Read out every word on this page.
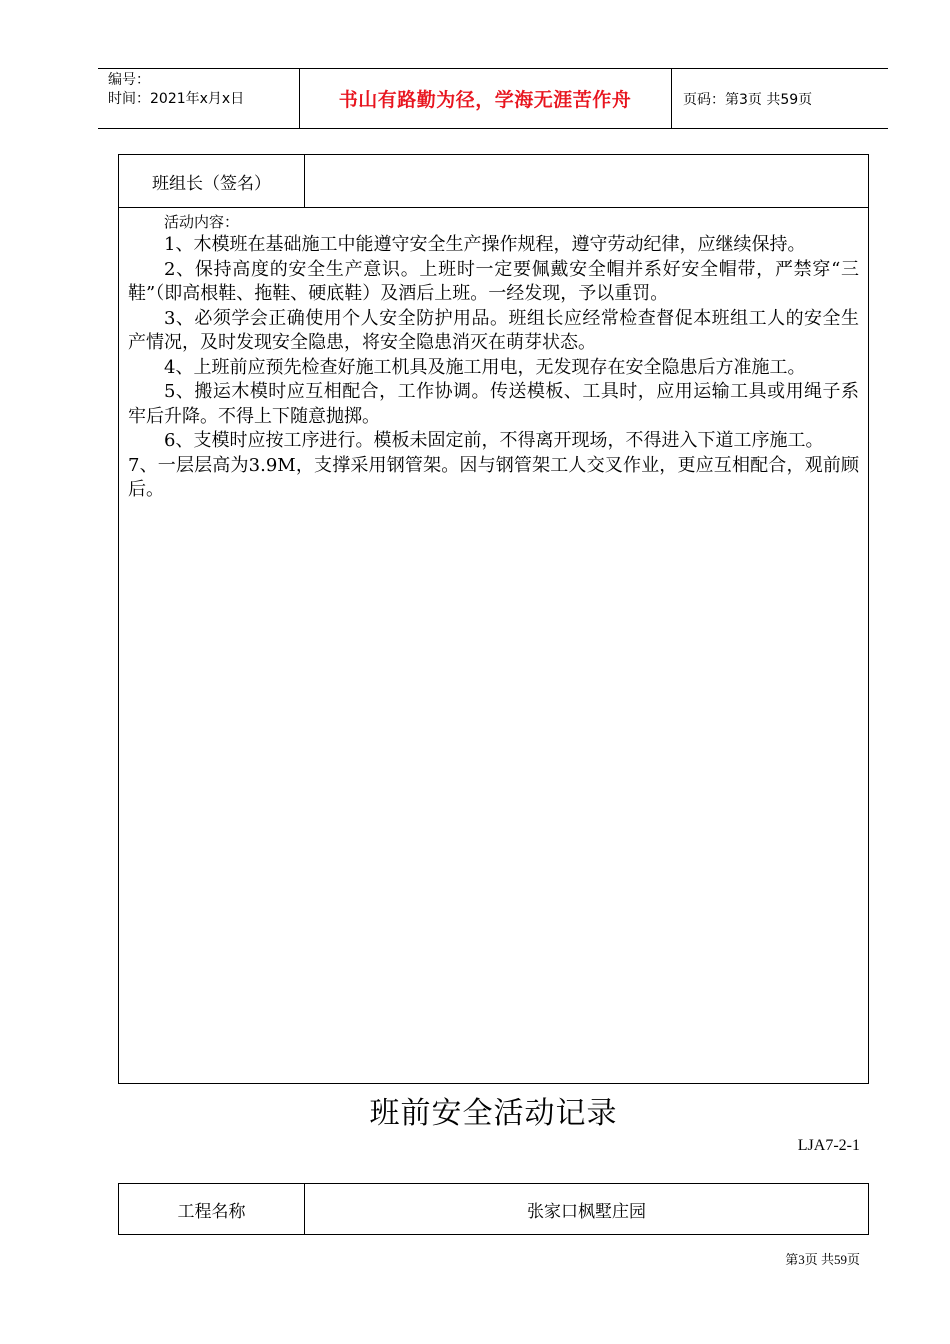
编号：
时间：2021年x月x日	书山有路勤为径，学海无涯苦作舟	页码：第3页 共59页
班组长（签名）
活动内容：

1、木模班在基础施工中能遵守安全生产操作规程，遵守劳动纪律，应继续保持。

2、保持高度的安全生产意识。上班时一定要佩戴安全帽并系好安全帽带，严禁穿“三鞋”（即高根鞋、拖鞋、硬底鞋）及酒后上班。一经发现，予以重罚。

3、必须学会正确使用个人安全防护用品。班组长应经常检查督促本班组工人的安全生产情况，及时发现安全隐患，将安全隐患消灭在萌芽状态。

4、上班前应预先检查好施工机具及施工用电，无发现存在安全隐患后方准施工。

5、搬运木模时应互相配合，工作协调。传送模板、工具时，应用运输工具或用绳子系牢后升降。不得上下随意抛掷。

6、支模时应按工序进行。模板未固定前，不得离开现场，不得进入下道工序施工。

7、一层层高为3.9M，支撑采用钢管架。因与钢管架工人交叉作业，更应互相配合，观前顾后。

班前安全活动记录
LJA7-2-1
工程名称	张家口枫墅庄园
第3页 共59页
